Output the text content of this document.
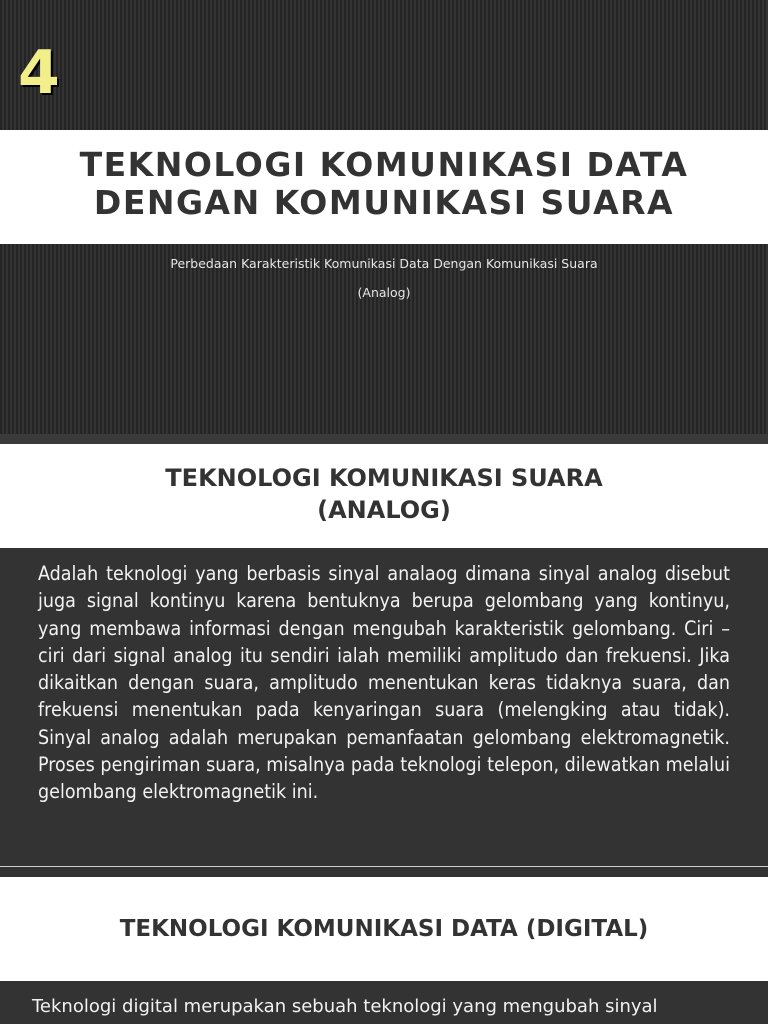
4
TEKNOLOGI KOMUNIKASI DATA
DENGAN KOMUNIKASI SUARA
Perbedaan Karakteristik Komunikasi Data Dengan Komunikasi Suara
(Analog)
TEKNOLOGI KOMUNIKASI SUARA
(ANALOG)

Adalah teknologi yang berbasis sinyal analaog dimana sinyal analog disebut juga signal kontinyu karena bentuknya berupa gelombang yang kontinyu, yang membawa informasi dengan mengubah karakteristik gelombang. Ciri – ciri dari signal analog itu sendiri ialah memiliki amplitudo dan frekuensi. Jika dikaitkan dengan suara, amplitudo menentukan keras tidaknya suara, dan frekuensi menentukan pada kenyaringan suara (melengking atau tidak). Sinyal analog adalah merupakan pemanfaatan gelombang elektromagnetik. Proses pengiriman suara, misalnya pada teknologi telepon, dilewatkan melalui gelombang elektromagnetik ini.

TEKNOLOGI KOMUNIKASI DATA (DIGITAL)

Teknologi digital merupakan sebuah teknologi yang mengubah sinyal
